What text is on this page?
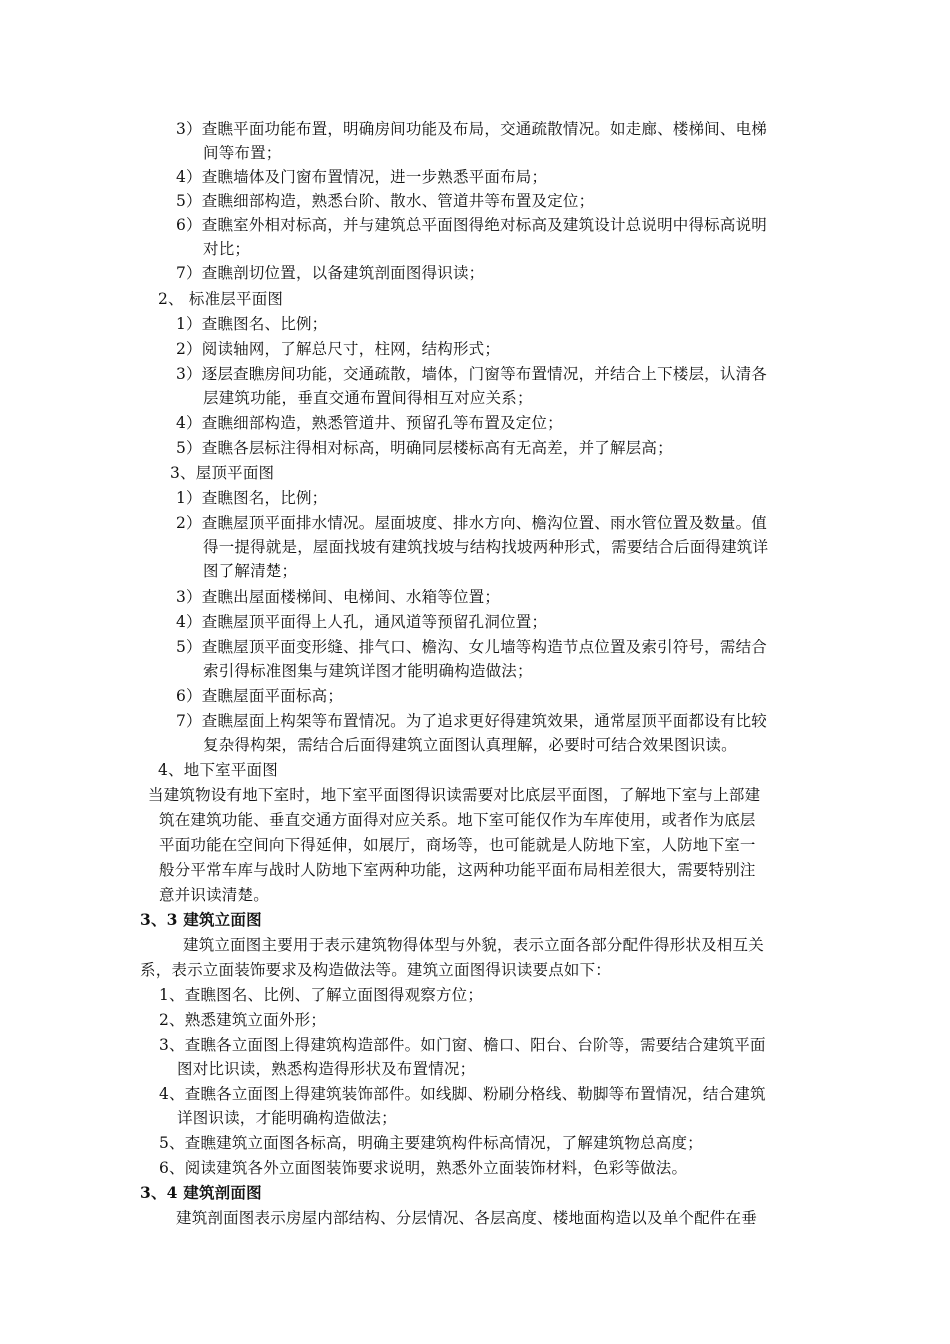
3）查瞧平面功能布置，明确房间功能及布局，交通疏散情况。如走廊、楼梯间、电梯
间等布置；
4）查瞧墙体及门窗布置情况，进一步熟悉平面布局；
5）查瞧细部构造，熟悉台阶、散水、管道井等布置及定位；
6）查瞧室外相对标高，并与建筑总平面图得绝对标高及建筑设计总说明中得标高说明
对比；
7）查瞧剖切位置，以备建筑剖面图得识读；
2、 标准层平面图
1）查瞧图名、比例；
2）阅读轴网，了解总尺寸，柱网，结构形式；
3）逐层查瞧房间功能，交通疏散，墙体，门窗等布置情况，并结合上下楼层，认清各
层建筑功能，垂直交通布置间得相互对应关系；
4）查瞧细部构造，熟悉管道井、预留孔等布置及定位；
5）查瞧各层标注得相对标高，明确同层楼标高有无高差，并了解层高；
3、屋顶平面图
1）查瞧图名，比例；
2）查瞧屋顶平面排水情况。屋面坡度、排水方向、檐沟位置、雨水管位置及数量。值
得一提得就是，屋面找坡有建筑找坡与结构找坡两种形式，需要结合后面得建筑详
图了解清楚；
3）查瞧出屋面楼梯间、电梯间、水箱等位置；
4）查瞧屋顶平面得上人孔，通风道等预留孔洞位置；
5）查瞧屋顶平面变形缝、排气口、檐沟、女儿墙等构造节点位置及索引符号，需结合
索引得标准图集与建筑详图才能明确构造做法；
6）查瞧屋面平面标高；
7）查瞧屋面上构架等布置情况。为了追求更好得建筑效果，通常屋顶平面都设有比较
复杂得构架，需结合后面得建筑立面图认真理解，必要时可结合效果图识读。
4、地下室平面图
当建筑物设有地下室时，地下室平面图得识读需要对比底层平面图，了解地下室与上部建
筑在建筑功能、垂直交通方面得对应关系。地下室可能仅作为车库使用，或者作为底层
平面功能在空间向下得延伸，如展厅，商场等，也可能就是人防地下室，人防地下室一
般分平常车库与战时人防地下室两种功能，这两种功能平面布局相差很大，需要特别注
意并识读清楚。
3、3 建筑立面图
建筑立面图主要用于表示建筑物得体型与外貌，表示立面各部分配件得形状及相互关
系，表示立面装饰要求及构造做法等。建筑立面图得识读要点如下：
1、查瞧图名、比例、了解立面图得观察方位；
2、熟悉建筑立面外形；
3、查瞧各立面图上得建筑构造部件。如门窗、檐口、阳台、台阶等，需要结合建筑平面
图对比识读，熟悉构造得形状及布置情况；
4、查瞧各立面图上得建筑装饰部件。如线脚、粉刷分格线、勒脚等布置情况，结合建筑
详图识读，才能明确构造做法；
5、查瞧建筑立面图各标高，明确主要建筑构件标高情况，了解建筑物总高度；
6、阅读建筑各外立面图装饰要求说明，熟悉外立面装饰材料，色彩等做法。
3、4 建筑剖面图
建筑剖面图表示房屋内部结构、分层情况、各层高度、楼地面构造以及单个配件在垂
